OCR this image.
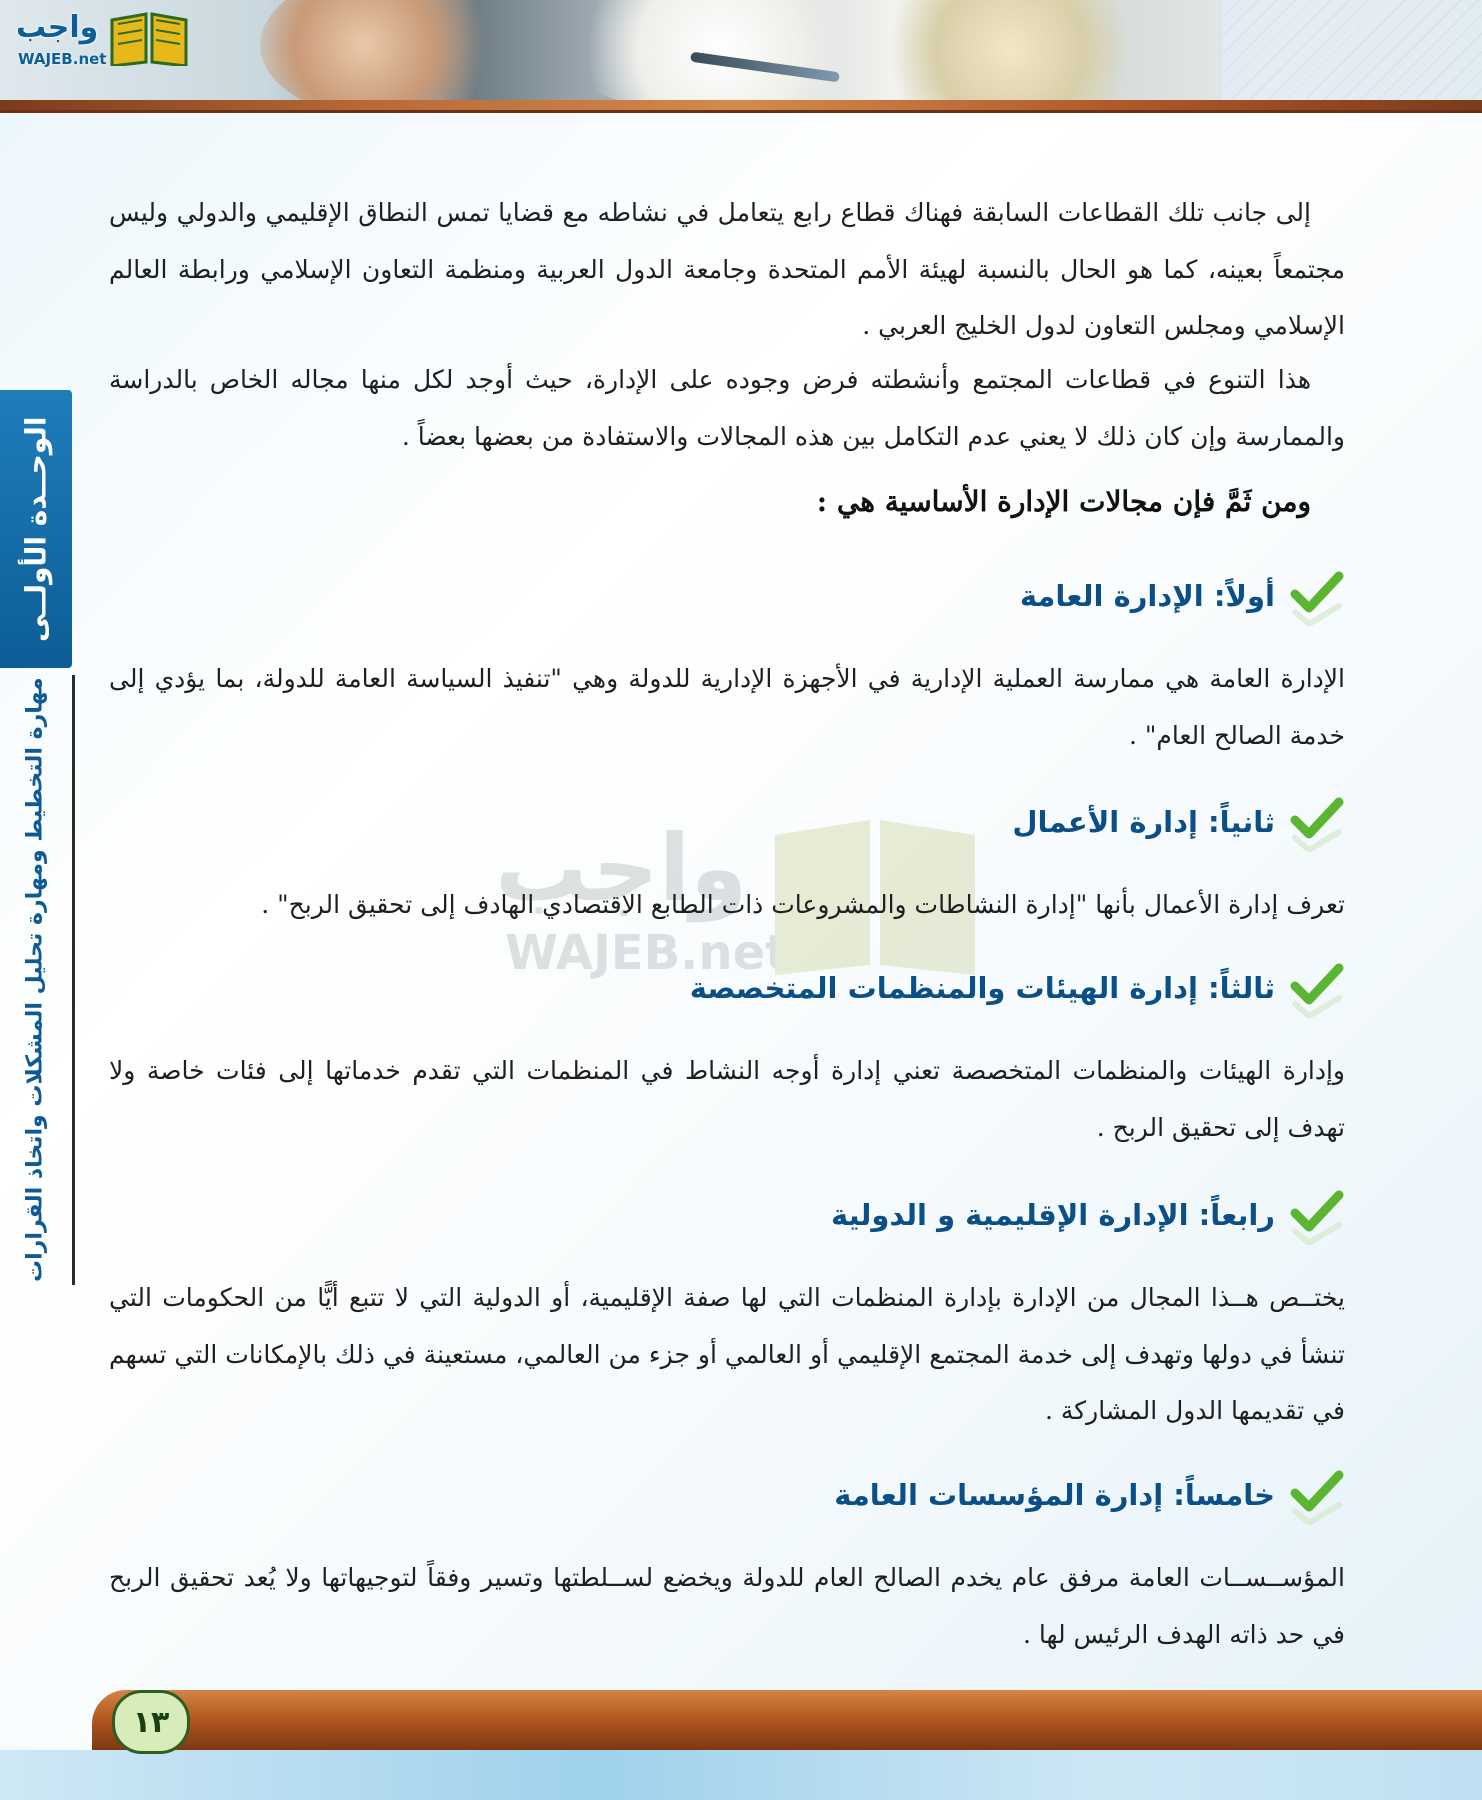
واجب
WAJEB.net
الوحــدة الأولــى
مهارة التخطيط ومهارة تحليل المشكلات واتخاذ القرارات	واجب
WAJEB.net
إلى جانب تلك القطاعات السابقة فهناك قطاع رابع يتعامل في نشاطه مع قضايا تمس النطاق الإقليمي والدولي وليس مجتمعاً بعينه، كما هو الحال بالنسبة لهيئة الأمم المتحدة وجامعة الدول العربية ومنظمة التعاون الإسلامي ورابطة العالم الإسلامي ومجلس التعاون لدول الخليج العربي .
هذا التنوع في قطاعات المجتمع وأنشطته فرض وجوده على الإدارة، حيث أوجد لكل منها مجاله الخاص بالدراسة والممارسة وإن كان ذلك لا يعني عدم التكامل بين هذه المجالات والاستفادة من بعضها بعضاً .
ومن ثَمَّ فإن مجالات الإدارة الأساسية هي :
أولاً: الإدارة العامة
الإدارة العامة هي ممارسة العملية الإدارية في الأجهزة الإدارية للدولة وهي "تنفيذ السياسة العامة للدولة، بما يؤدي إلى خدمة الصالح العام" .
ثانياً: إدارة الأعمال
تعرف إدارة الأعمال بأنها "إدارة النشاطات والمشروعات ذات الطابع الاقتصادي الهادف إلى تحقيق الربح" .
ثالثاً: إدارة الهيئات والمنظمات المتخصصة
وإدارة الهيئات والمنظمات المتخصصة تعني إدارة أوجه النشاط في المنظمات التي تقدم خدماتها إلى فئات خاصة ولا تهدف إلى تحقيق الربح .
رابعاً: الإدارة الإقليمية و الدولية
يختــص هــذا المجال من الإدارة بإدارة المنظمات التي لها صفة الإقليمية، أو الدولية التي لا تتبع أيًّا من الحكومات التي تنشأ في دولها وتهدف إلى خدمة المجتمع الإقليمي أو العالمي أو جزء من العالمي، مستعينة في ذلك بالإمكانات التي تسهم في تقديمها الدول المشاركة .
خامساً: إدارة المؤسسات العامة
المؤســســات العامة مرفق عام يخدم الصالح العام للدولة ويخضع لســلطتها وتسير وفقاً لتوجيهاتها ولا يُعد تحقيق الربح في حد ذاته الهدف الرئيس لها .
١٣
